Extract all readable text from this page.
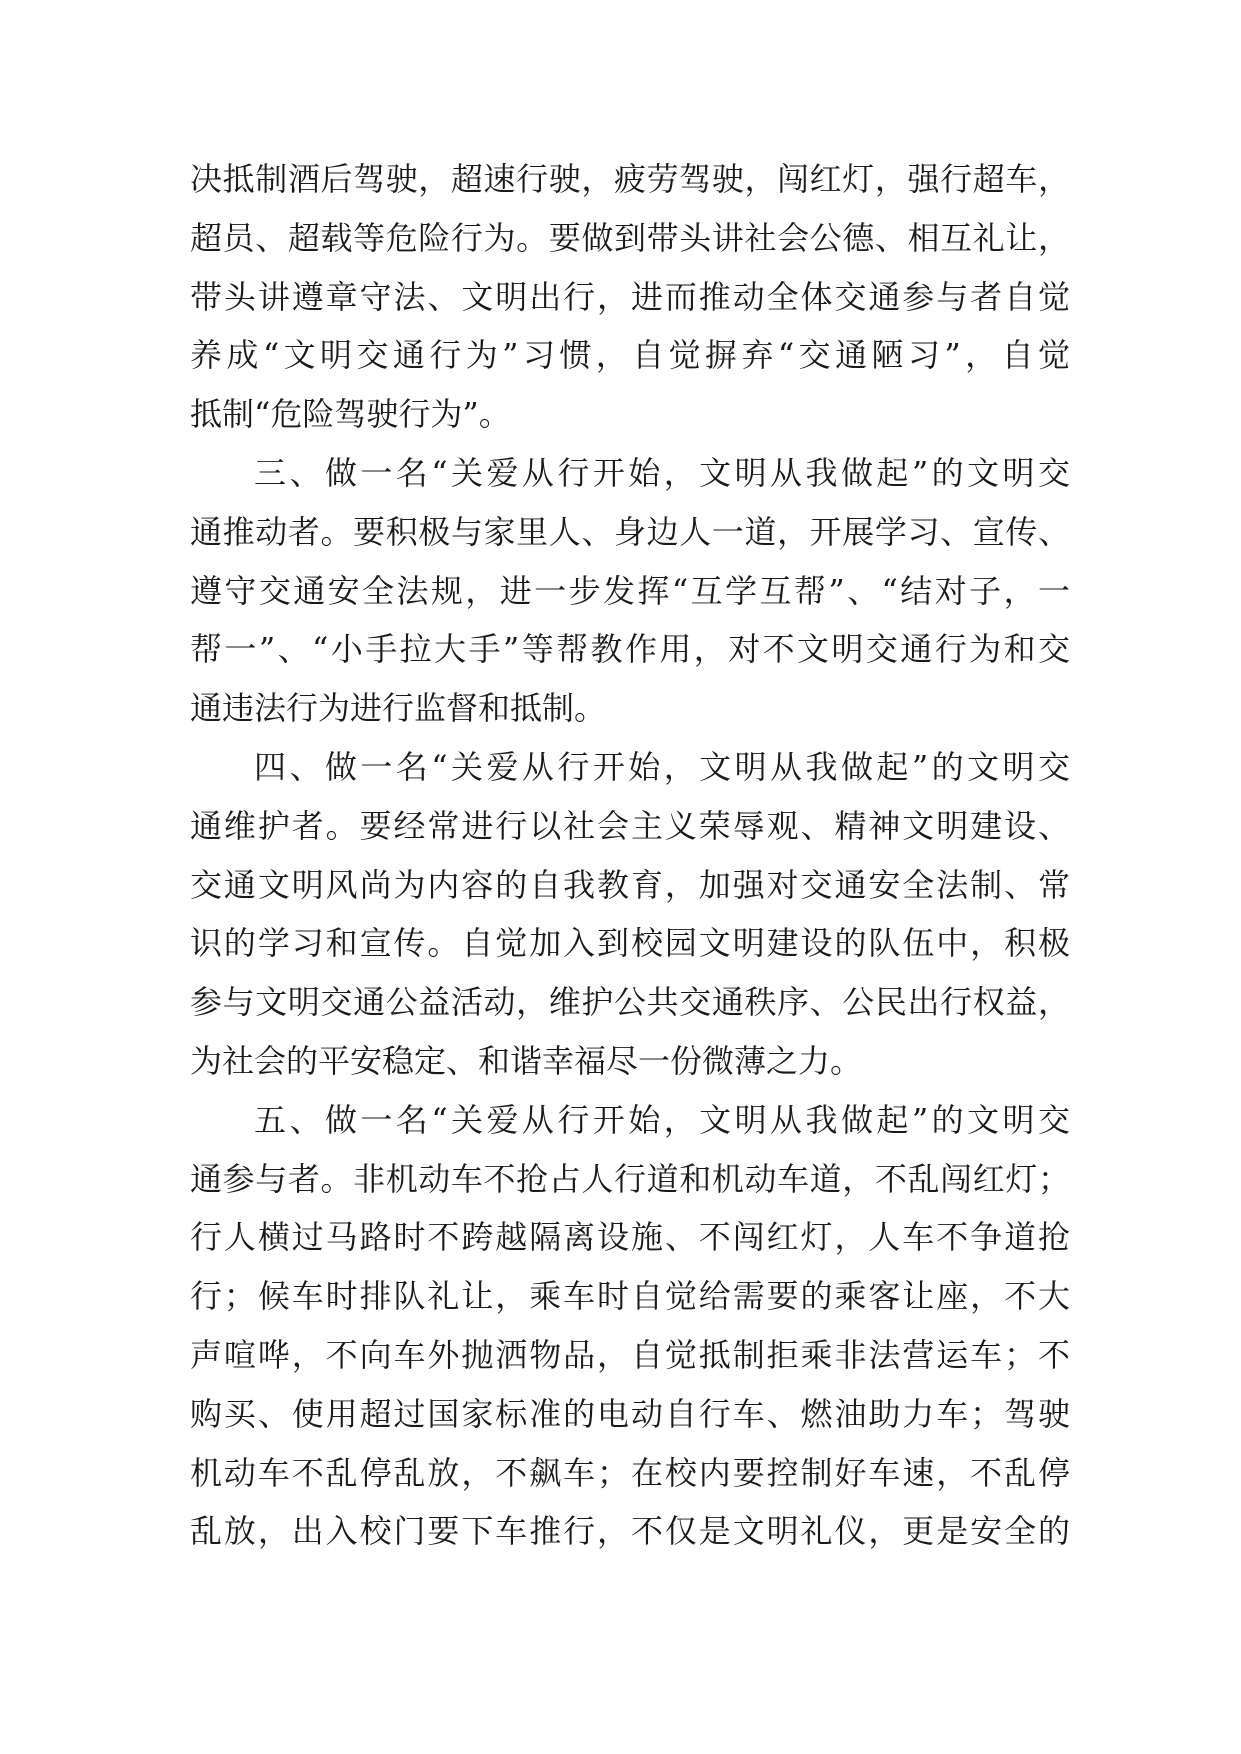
决抵制酒后驾驶，超速行驶，疲劳驾驶，闯红灯，强行超车，
超员、超载等危险行为。要做到带头讲社会公德、相互礼让，
带头讲遵章守法、文明出行，进而推动全体交通参与者自觉
养成“文明交通行为”习惯，自觉摒弃“交通陋习”，自觉
抵制“危险驾驶行为”。
三、做一名“关爱从行开始，文明从我做起”的文明交
通推动者。要积极与家里人、身边人一道，开展学习、宣传、
遵守交通安全法规，进一步发挥“互学互帮”、“结对子，一
帮一”、“小手拉大手”等帮教作用，对不文明交通行为和交
通违法行为进行监督和抵制。
四、做一名“关爱从行开始，文明从我做起”的文明交
通维护者。要经常进行以社会主义荣辱观、精神文明建设、
交通文明风尚为内容的自我教育，加强对交通安全法制、常
识的学习和宣传。自觉加入到校园文明建设的队伍中，积极
参与文明交通公益活动，维护公共交通秩序、公民出行权益，
为社会的平安稳定、和谐幸福尽一份微薄之力。
五、做一名“关爱从行开始，文明从我做起”的文明交
通参与者。非机动车不抢占人行道和机动车道，不乱闯红灯；
行人横过马路时不跨越隔离设施、不闯红灯，人车不争道抢
行；候车时排队礼让，乘车时自觉给需要的乘客让座，不大
声喧哗，不向车外抛洒物品，自觉抵制拒乘非法营运车；不
购买、使用超过国家标准的电动自行车、燃油助力车；驾驶
机动车不乱停乱放，不飙车；在校内要控制好车速，不乱停
乱放，出入校门要下车推行，不仅是文明礼仪，更是安全的
